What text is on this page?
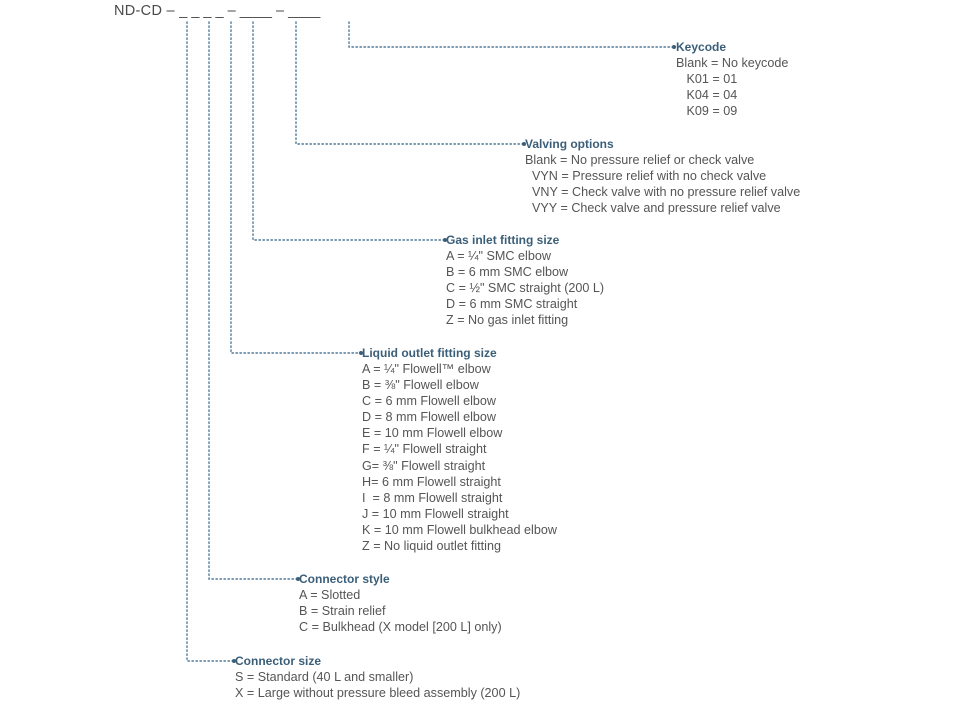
ND-CD – _ _ _ _ – ____ – ____
Keycode
Blank = No keycode
K01 = 01
K04 = 04
K09 = 09
Valving options
Blank = No pressure relief or check valve
VYN = Pressure relief with no check valve
VNY = Check valve with no pressure relief valve
VYY = Check valve and pressure relief valve
Gas inlet fitting size
A = ¼" SMC elbow
B = 6 mm SMC elbow
C = ½" SMC straight (200 L)
D = 6 mm SMC straight
Z = No gas inlet fitting
Liquid outlet fitting size
A = ¼" Flowell™ elbow
B = ⅜" Flowell elbow
C = 6 mm Flowell elbow
D = 8 mm Flowell elbow
E = 10 mm Flowell elbow
F = ¼" Flowell straight
G= ⅜" Flowell straight
H= 6 mm Flowell straight
I  = 8 mm Flowell straight
J = 10 mm Flowell straight
K = 10 mm Flowell bulkhead elbow
Z = No liquid outlet fitting
Connector style
A = Slotted
B = Strain relief
C = Bulkhead (X model [200 L] only)
Connector size
S = Standard (40 L and smaller)
X = Large without pressure bleed assembly (200 L)
